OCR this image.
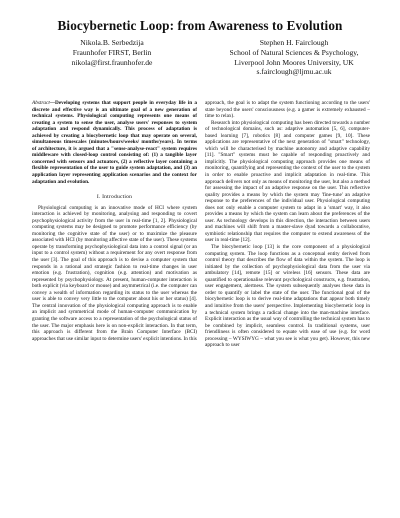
Biocybernetic Loop: from Awareness to Evolution
Nikola.B. Serbedzija
Fraunhofer FIRST, Berlin
nikola@first.fraunhofer.de
Stephen H. Fairclough
School of Natural Sciences & Psychology,
Liverpool John Moores University, UK
s.fairclough@ljmu.ac.uk

Abstract—Developing systems that support people in everyday life in a discrete and effective way is an ultimate goal of a new generation of technical systems. Physiological computing represents one means of creating a system to sense the user, analyse users' responses to system adaptation and respond dynamically. This process of adaptation is achieved by creating a biocybernetic loop that may operate on several, simultaneous timescales (minutes/hours/weeks/ months/years). In terms of architecture, it is argued that a "sense-analyse-react" system requires middleware with closed-loop control consisting of: (1) a tangible layer concerned with sensors and actuators, (2) a reflective layer containing a flexible representation of the user to guide system adaptation, and (3) an application layer representing application scenarios and the context for adaptation and evolution.

I. Introduction

Physiological computing is an innovative mode of HCI where system interaction is achieved by monitoring, analysing and responding to covert psychophysiological activity from the user in real-time [1, 2]. Physiological computing systems may be designed to promote performance efficiency (by monitoring the cognitive state of the user) or to maximize the pleasure associated with HCI (by monitoring affective state of the user). These systems operate by transforming psychophysiological data into a control signal (or an input to a control system) without a requirement for any overt response from the user [3]. The goal of this approach is to devise a computer system that responds in a rational and strategic fashion to real-time changes in user emotion (e.g. frustration), cognition (e.g. attention) and motivation as represented by psychophysiology. At present, human-computer interaction is both explicit (via keyboard or mouse) and asymmetrical (i.e. the computer can convey a wealth of information regarding its status to the user whereas the user is able to convey very little to the computer about his or her status) [4]. The central innovation of the physiological computing approach is to enable an implicit and symmetrical mode of human-computer communication by granting the software access to a representation of the psychological status of the user. The major emphasis here is on non-explicit interaction. In that term, this approach is different from the Brain Computer Interface (BCI) approaches that use similar input to determine users' explicit intentions. In this

approach, the goal is to adapt the system functioning according to the users' state beyond the users' consciousness (e.g. a gamer is extremely exhausted – time to relax).

Research into physiological computing has been directed towards a number of technological domains, such as: adaptive automation [5, 6], computer-based learning [7], robotics [8] and computer games [9, 10]. These applications are representative of the next generation of "smart" technology, which will be characterised by machine autonomy and adaptive capability [11]. "Smart" systems must be capable of responding proactively and implicitly. The physiological computing approach provides one means of monitoring, quantifying and representing the context of the user to the system in order to enable proactive and implicit adaptation in real-time. This approach delivers not only as means of monitoring the user, but also a method for assessing the impact of an adaptive response on the user. This reflective quality provides a means by which the system may 'fine-tune' an adaptive response to the preferences of the individual user. Physiological computing does not only enable a computer system to adapt in a 'smart' way, it also provides a means by which the system can learn about the preferences of the user. As technology develops in this direction, the interaction between users and machines will shift from a master-slave dyad towards a collaborative, symbiotic relationship that requires the computer to extend awareness of the user in real-time [12].

The biocybernetic loop [13] is the core component of a physiological computing system. The loop functions as a conceptual entity derived from control theory that describes the flow of data within the system. The loop is initiated by the collection of psychophysiological data from the user via ambulatory [14], remote [15] or wireless [16] sensors. These data are quantified to operationalise relevant psychological constructs, e.g. frustration, user engagement, alertness. The system subsequently analyses these data in order to quantify or label the state of the user. The functional goal of the biocybernetic loop is to derive real-time adaptations that appear both timely and intuitive from the users' perspective. Implementing biocybernetic loop in a technical system brings a radical change into the man-machine interface. Explicit interaction as the usual way of controlling the technical system has to be combined by implicit, seamless control. In traditional systems, user friendliness is often considered to equate with ease of use (e.g. for word processing – WYSIWYG – what you see is what you get). However, this new approach to user
